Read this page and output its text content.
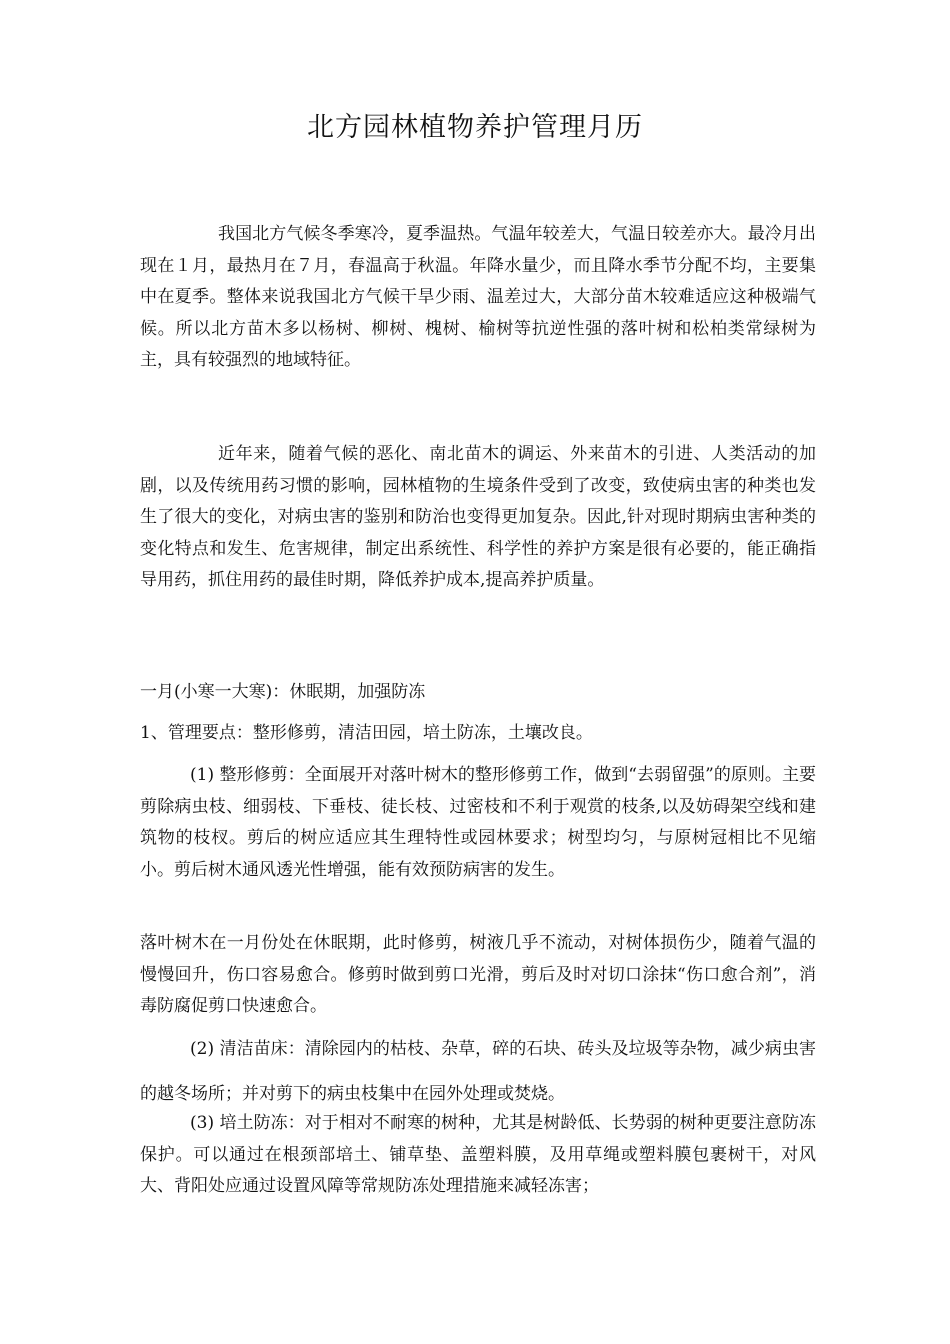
北方园林植物养护管理月历

我国北方气候冬季寒冷，夏季温热。气温年较差大，气温日较差亦大。最冷月出现在１月，最热月在７月，春温高于秋温。年降水量少，而且降水季节分配不均，主要集中在夏季。整体来说我国北方气候干旱少雨、温差过大，大部分苗木较难适应这种极端气候。所以北方苗木多以杨树、柳树、槐树、榆树等抗逆性强的落叶树和松柏类常绿树为主，具有较强烈的地域特征。

近年来，随着气候的恶化、南北苗木的调运、外来苗木的引进、人类活动的加剧，以及传统用药习惯的影响，园林植物的生境条件受到了改变，致使病虫害的种类也发生了很大的变化，对病虫害的鉴别和防治也变得更加复杂。因此,针对现时期病虫害种类的变化特点和发生、危害规律，制定出系统性、科学性的养护方案是很有必要的，能正确指导用药，抓住用药的最佳时期，降低养护成本,提高养护质量。

一月(小寒一大寒)：休眠期，加强防冻

1、管理要点：整形修剪，清洁田园，培土防冻，土壤改良。

(1) 整形修剪：全面展开对落叶树木的整形修剪工作，做到“去弱留强”的原则。主要剪除病虫枝、细弱枝、下垂枝、徒长枝、过密枝和不利于观赏的枝条,以及妨碍架空线和建筑物的枝杈。剪后的树应适应其生理特性或园林要求；树型均匀，与原树冠相比不见缩小。剪后树木通风透光性增强，能有效预防病害的发生。

落叶树木在一月份处在休眠期，此时修剪，树液几乎不流动，对树体损伤少，随着气温的慢慢回升，伤口容易愈合。修剪时做到剪口光滑，剪后及时对切口涂抹“伤口愈合剂”，消毒防腐促剪口快速愈合。

(2) 清洁苗床：清除园内的枯枝、杂草，碎的石块、砖头及垃圾等杂物，减少病虫害的越冬场所；并对剪下的病虫枝集中在园外处理或焚烧。

(3) 培土防冻：对于相对不耐寒的树种，尤其是树龄低、长势弱的树种更要注意防冻保护。可以通过在根颈部培土、铺草垫、盖塑料膜，及用草绳或塑料膜包裹树干，对风大、背阳处应通过设置风障等常规防冻处理措施来减轻冻害；
